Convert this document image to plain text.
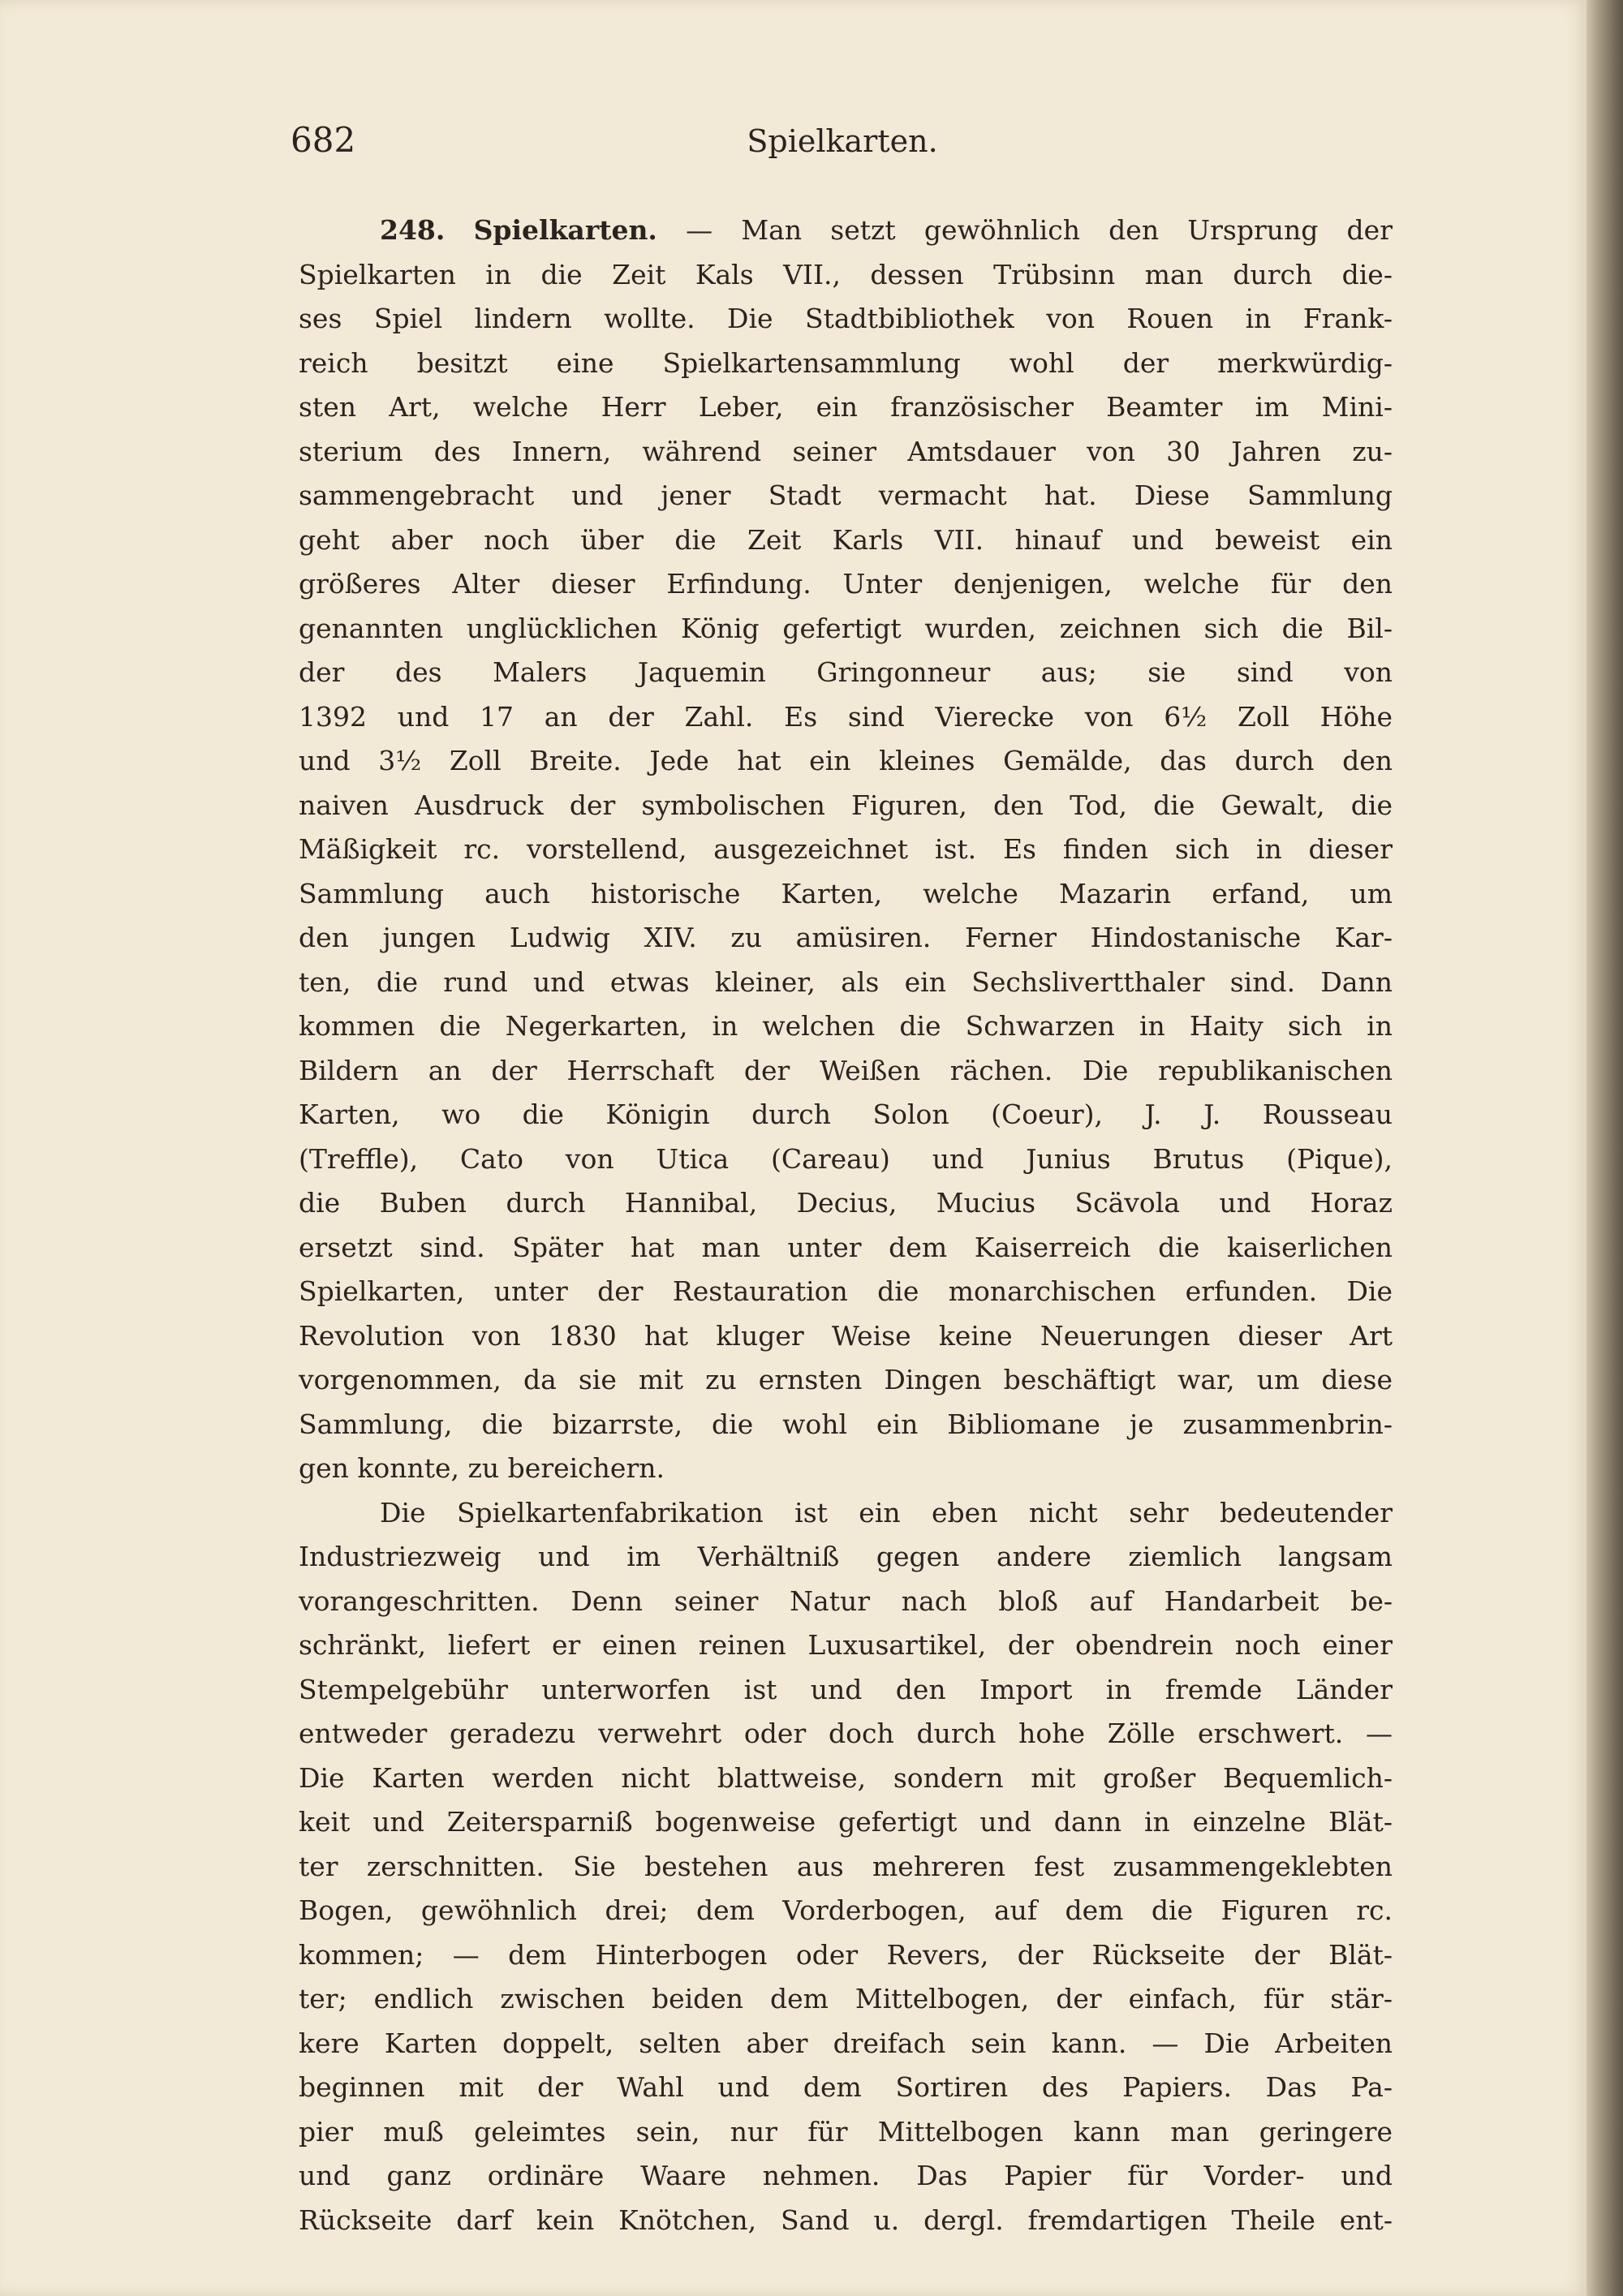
682	Spielkarten.
248. Spielkarten. — Man setzt gewöhnlich den Ursprung der
Spielkarten in die Zeit Kals VII., dessen Trübsinn man durch die-
ses Spiel lindern wollte. Die Stadtbibliothek von Rouen in Frank-
reich besitzt eine Spielkartensammlung wohl der merkwürdig-
sten Art, welche Herr Leber, ein französischer Beamter im Mini-
sterium des Innern, während seiner Amtsdauer von 30 Jahren zu-
sammengebracht und jener Stadt vermacht hat. Diese Sammlung
geht aber noch über die Zeit Karls VII. hinauf und beweist ein
größeres Alter dieser Erfindung. Unter denjenigen, welche für den
genannten unglücklichen König gefertigt wurden, zeichnen sich die Bil-
der des Malers Jaquemin Gringonneur aus; sie sind von
1392 und 17 an der Zahl. Es sind Vierecke von 6½ Zoll Höhe
und 3½ Zoll Breite. Jede hat ein kleines Gemälde, das durch den
naiven Ausdruck der symbolischen Figuren, den Tod, die Gewalt, die
Mäßigkeit rc. vorstellend, ausgezeichnet ist. Es finden sich in dieser
Sammlung auch historische Karten, welche Mazarin erfand, um
den jungen Ludwig XIV. zu amüsiren. Ferner Hindostanische Kar-
ten, die rund und etwas kleiner, als ein Sechslivertthaler sind. Dann
kommen die Negerkarten, in welchen die Schwarzen in Haity sich in
Bildern an der Herrschaft der Weißen rächen. Die republikanischen
Karten, wo die Königin durch Solon (Coeur), J. J. Rousseau
(Treffle), Cato von Utica (Careau) und Junius Brutus (Pique),
die Buben durch Hannibal, Decius, Mucius Scävola und Horaz
ersetzt sind. Später hat man unter dem Kaiserreich die kaiserlichen
Spielkarten, unter der Restauration die monarchischen erfunden. Die
Revolution von 1830 hat kluger Weise keine Neuerungen dieser Art
vorgenommen, da sie mit zu ernsten Dingen beschäftigt war, um diese
Sammlung, die bizarrste, die wohl ein Bibliomane je zusammenbrin-
gen konnte, zu bereichern.
Die Spielkartenfabrikation ist ein eben nicht sehr bedeutender
Industriezweig und im Verhältniß gegen andere ziemlich langsam
vorangeschritten. Denn seiner Natur nach bloß auf Handarbeit be-
schränkt, liefert er einen reinen Luxusartikel, der obendrein noch einer
Stempelgebühr unterworfen ist und den Import in fremde Länder
entweder geradezu verwehrt oder doch durch hohe Zölle erschwert. —
Die Karten werden nicht blattweise, sondern mit großer Bequemlich-
keit und Zeitersparniß bogenweise gefertigt und dann in einzelne Blät-
ter zerschnitten. Sie bestehen aus mehreren fest zusammengeklebten
Bogen, gewöhnlich drei; dem Vorderbogen, auf dem die Figuren rc.
kommen; — dem Hinterbogen oder Revers, der Rückseite der Blät-
ter; endlich zwischen beiden dem Mittelbogen, der einfach, für stär-
kere Karten doppelt, selten aber dreifach sein kann. — Die Arbeiten
beginnen mit der Wahl und dem Sortiren des Papiers. Das Pa-
pier muß geleimtes sein, nur für Mittelbogen kann man geringere
und ganz ordinäre Waare nehmen. Das Papier für Vorder- und
Rückseite darf kein Knötchen, Sand u. dergl. fremdartigen Theile ent-
